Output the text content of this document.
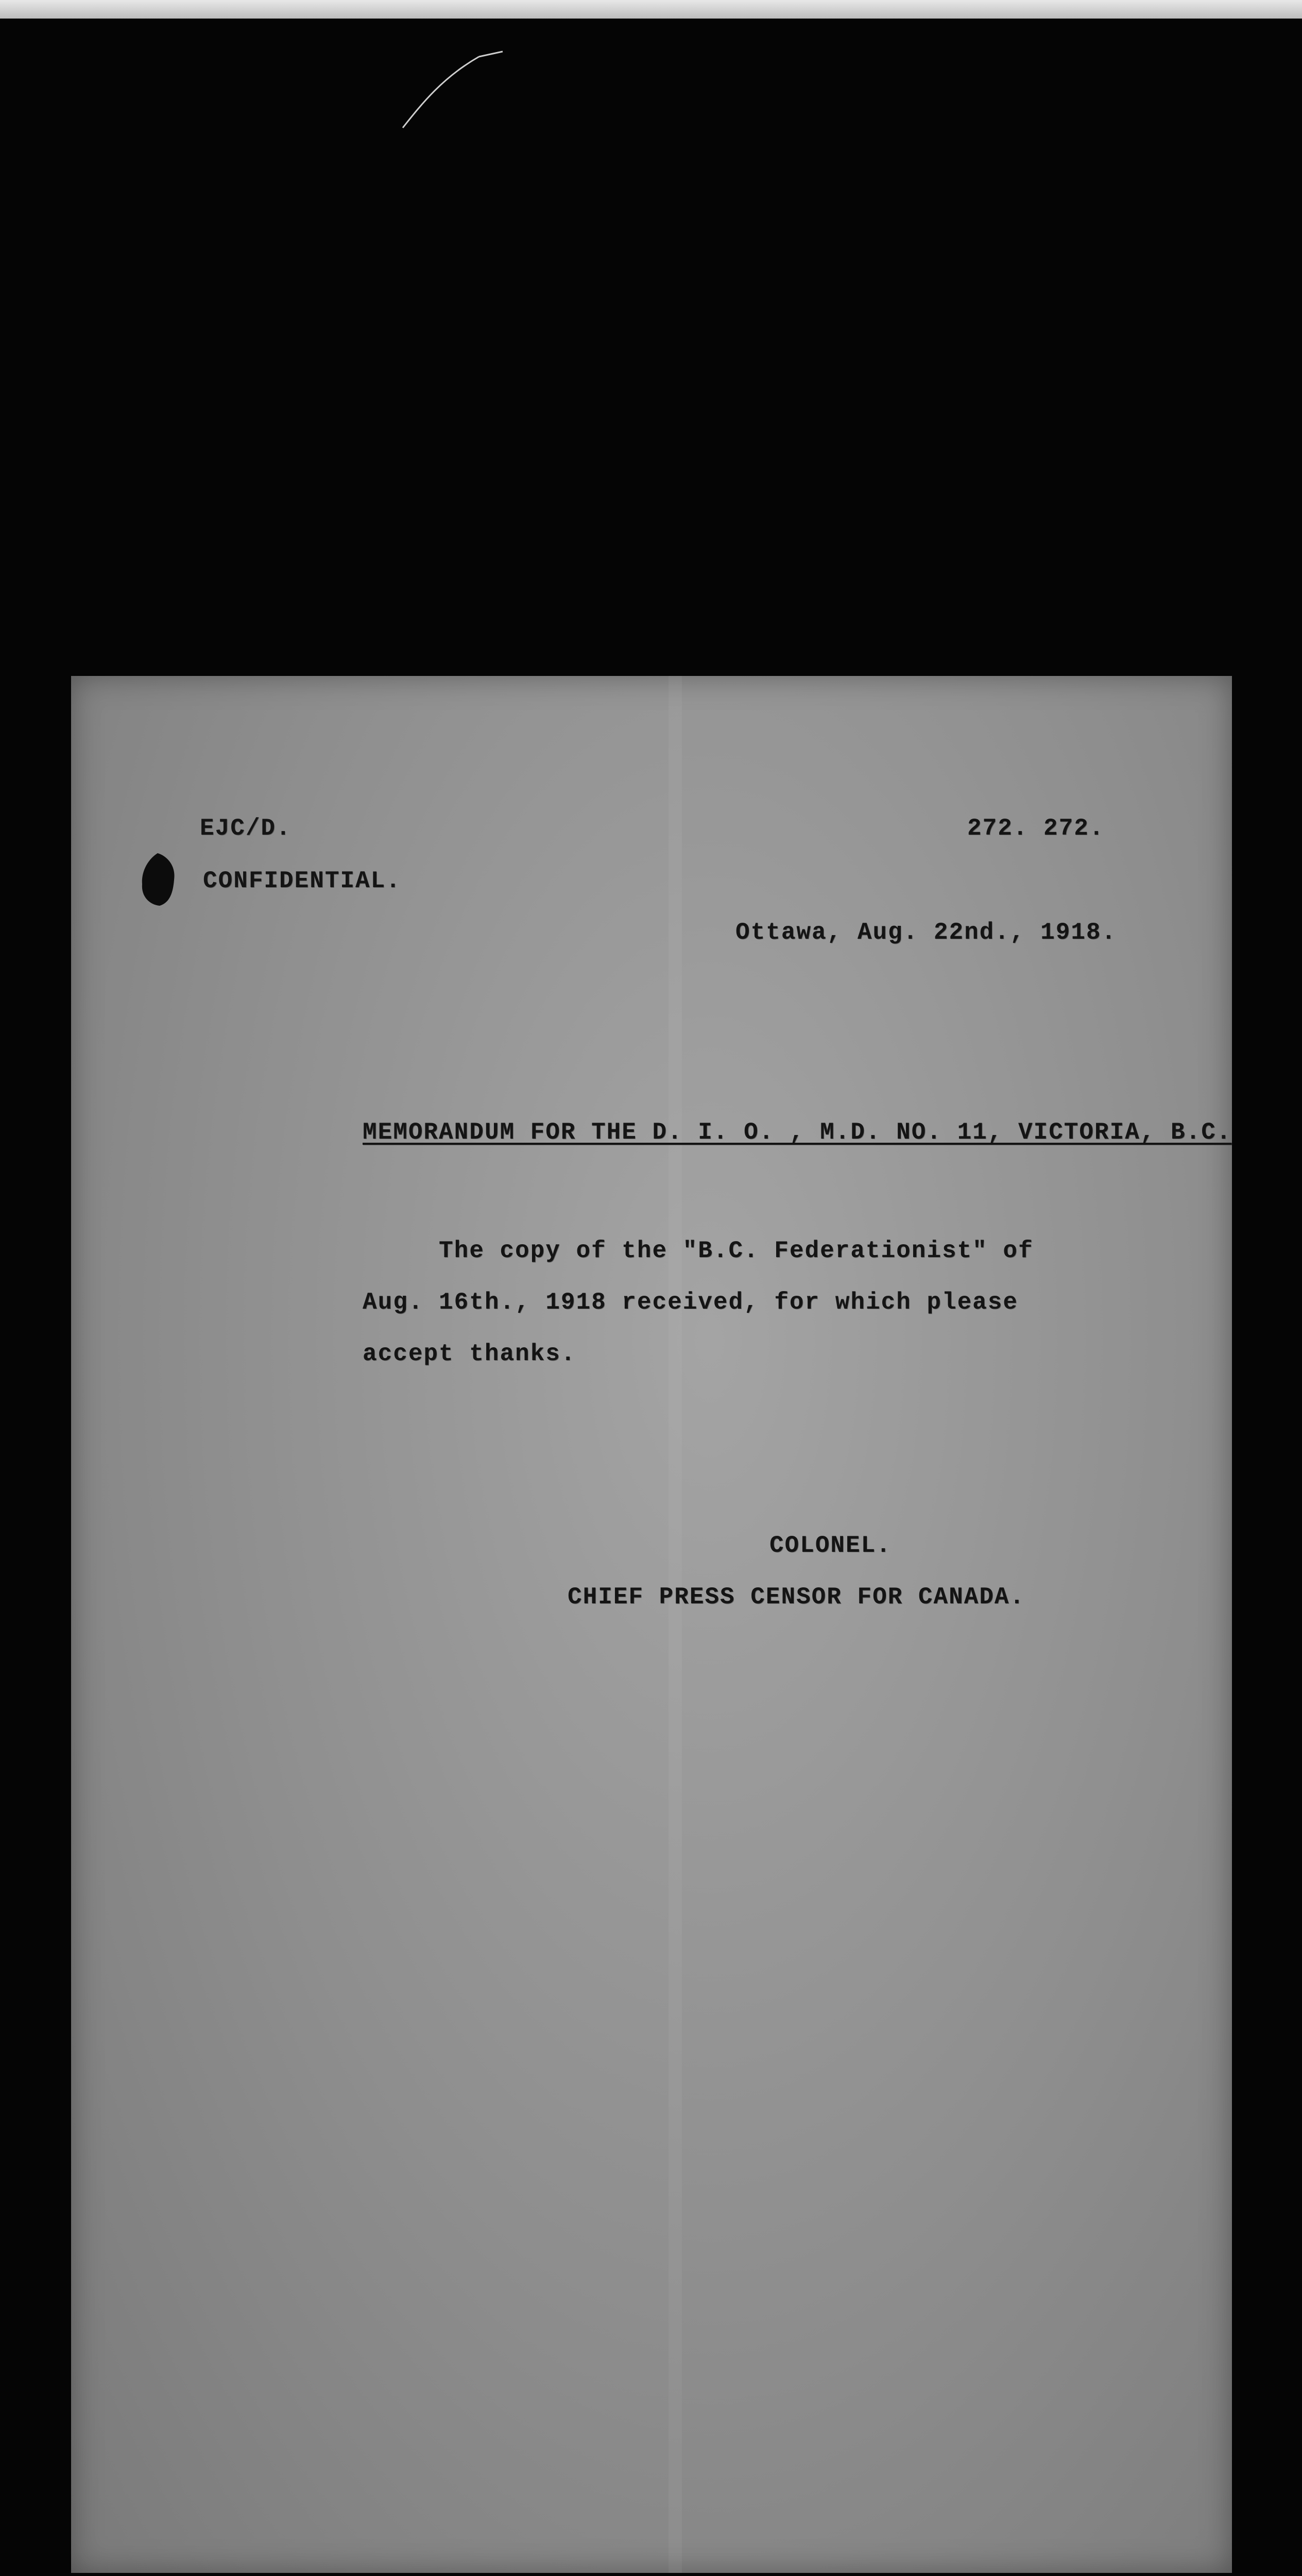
EJC/D.	272. 272.
CONFIDENTIAL.
Ottawa, Aug. 22nd., 1918.
MEMORANDUM FOR THE D. I. O. , M.D. NO. 11, VICTORIA, B.C.
The copy of the "B.C. Federationist" of
Aug. 16th., 1918 received, for which please
accept thanks.
COLONEL.
CHIEF PRESS CENSOR FOR CANADA.
